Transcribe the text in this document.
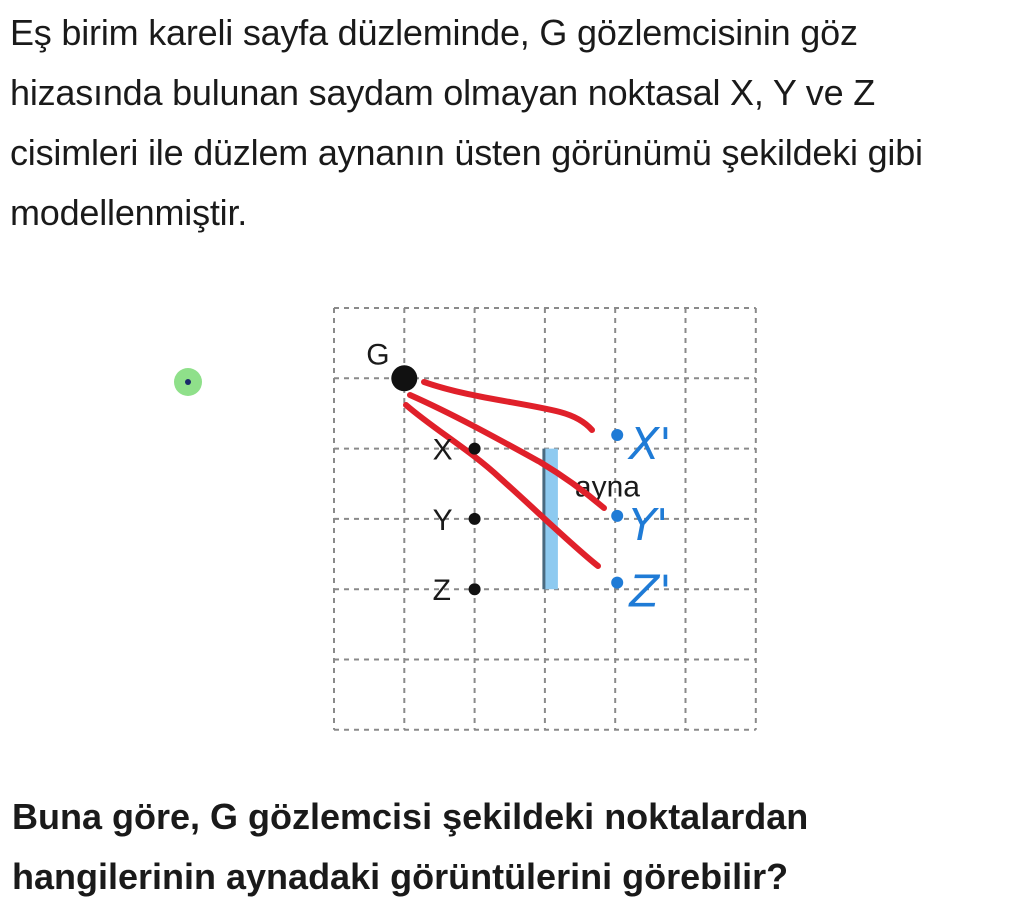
Eş birim kareli sayfa düzleminde, G gözlemcisinin göz
hizasında bulunan saydam olmayan noktasal X, Y ve Z
cisimleri ile düzlem aynanın üsten görünümü şekildeki gibi
modellenmiştir.
ayna
G
X
Y
Z
X'
Y'
Z'
Buna göre, G gözlemcisi şekildeki noktalardan
hangilerinin aynadaki görüntülerini görebilir?
